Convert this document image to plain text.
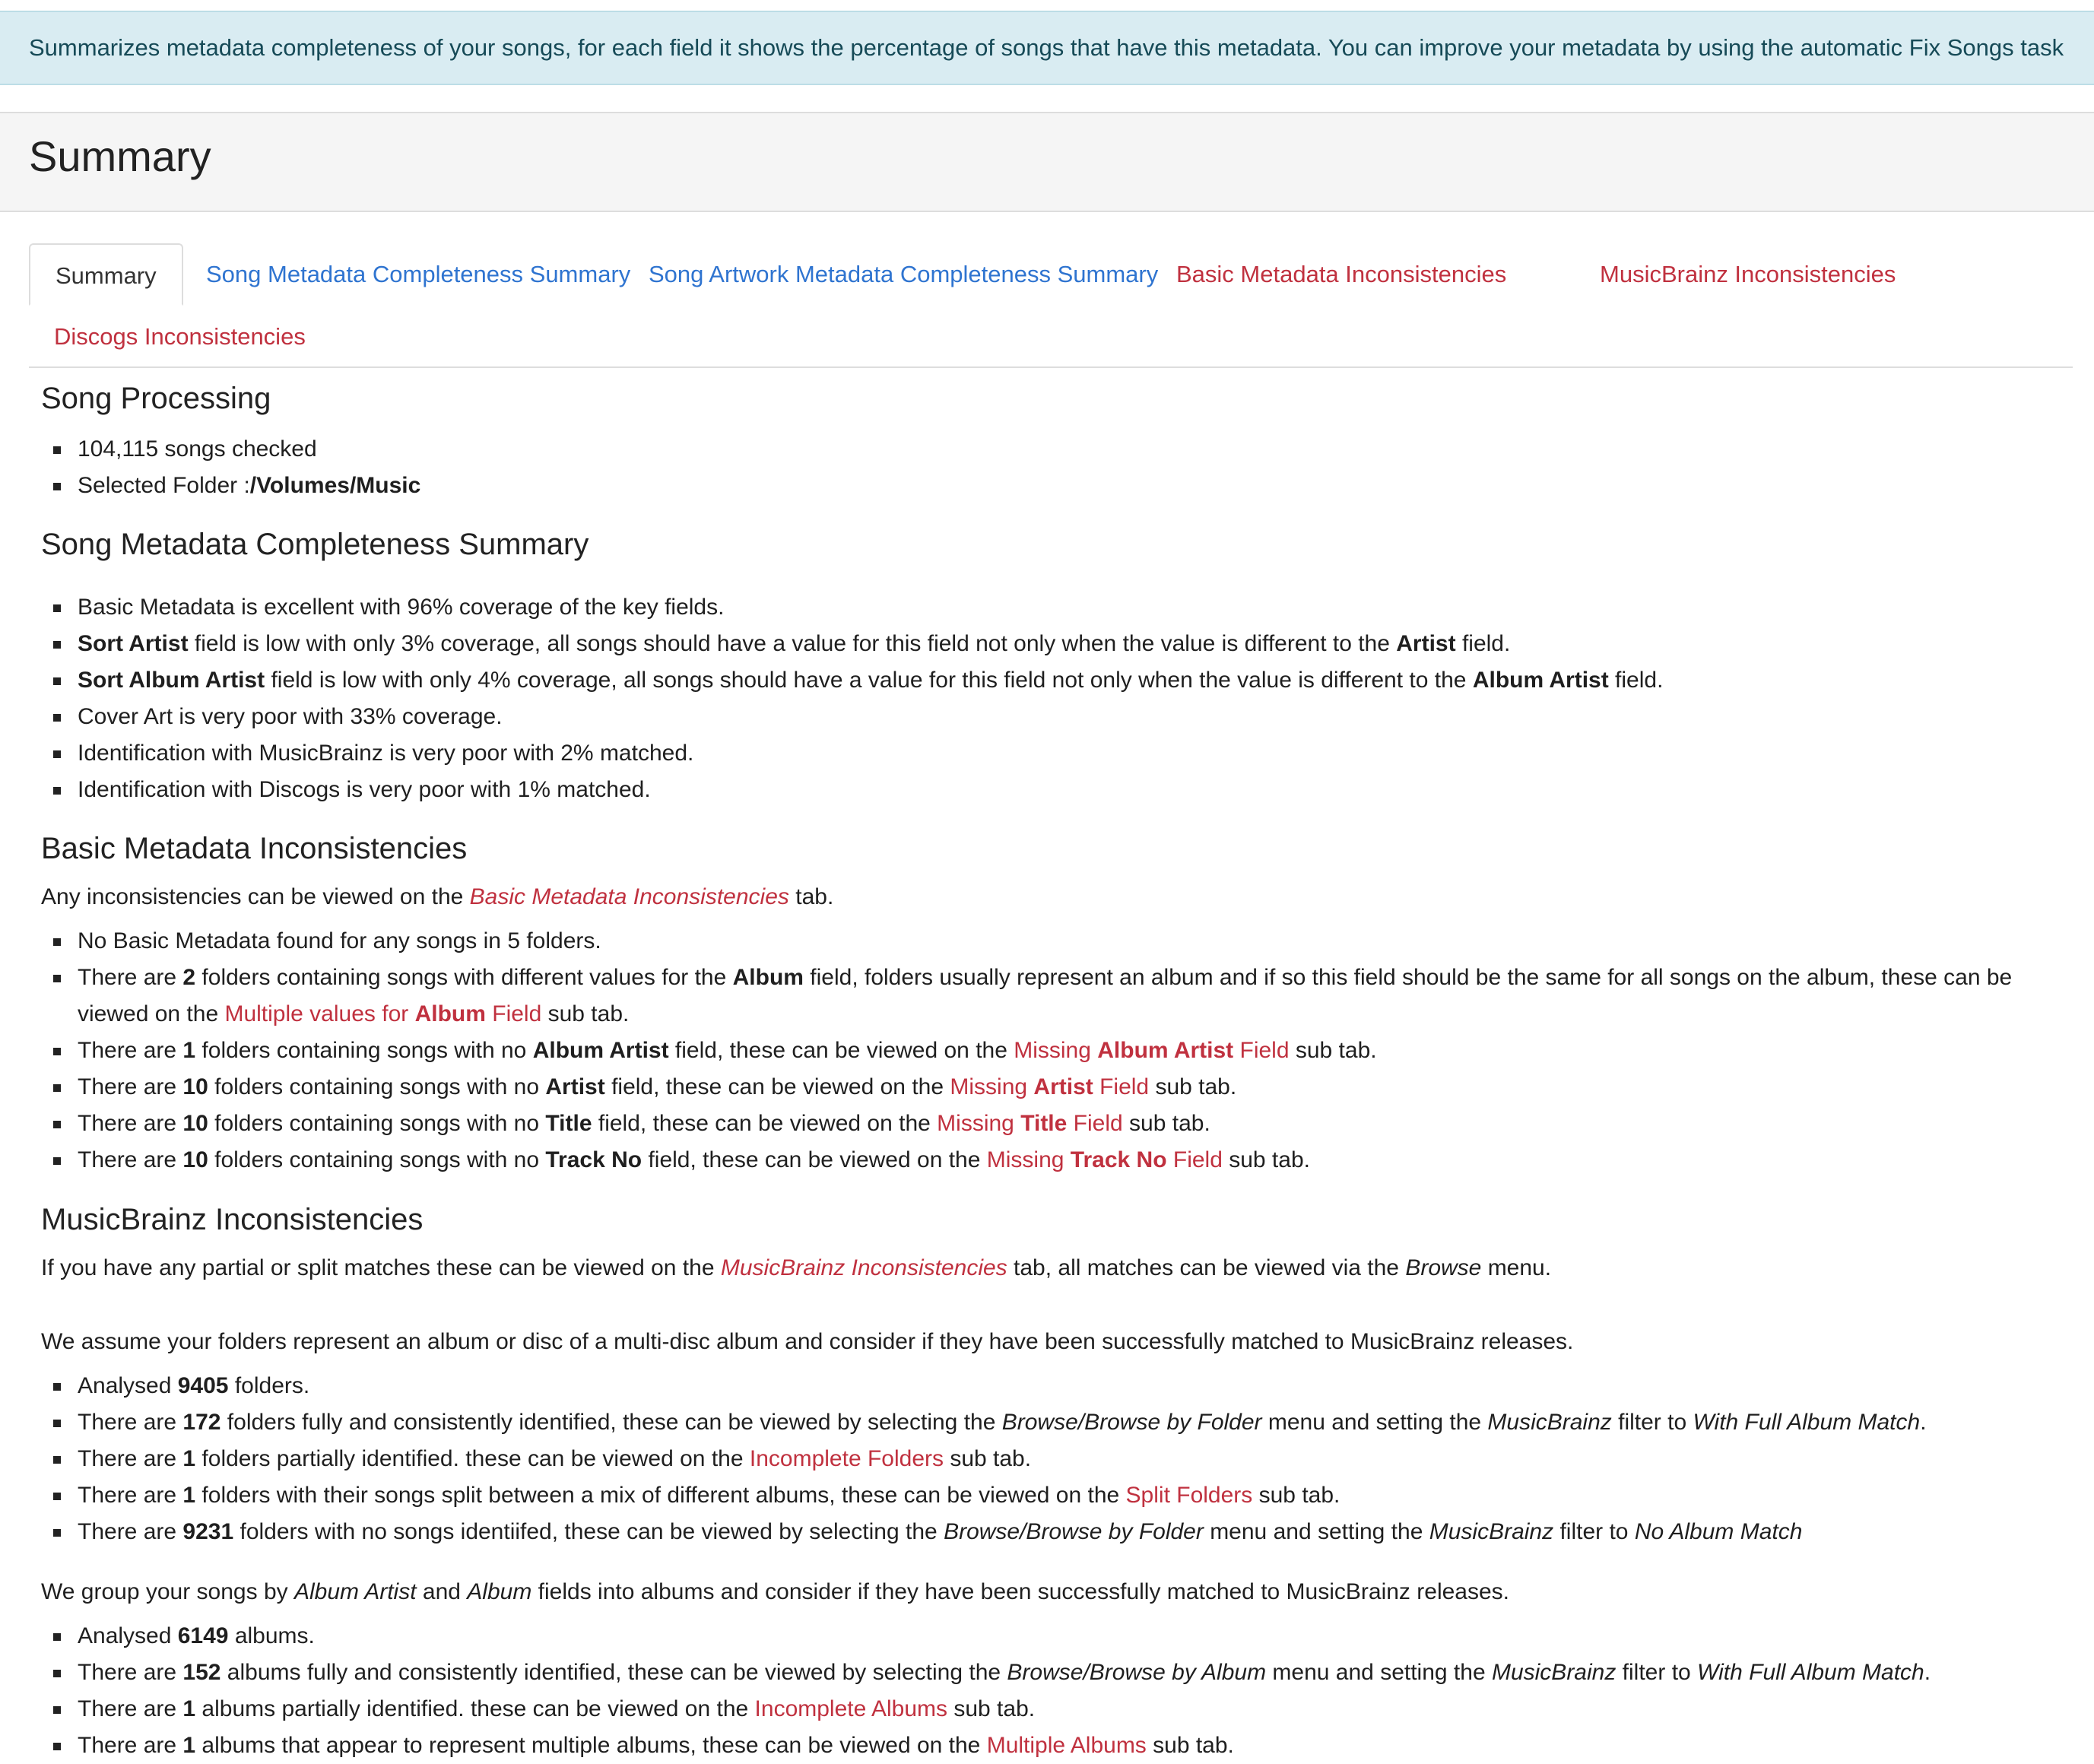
Summarizes metadata completeness of your songs, for each field it shows the percentage of songs that have this metadata. You can improve your metadata by using the automatic Fix Songs task
Summary
Summary	Song Metadata Completeness Summary Song Artwork Metadata Completeness Summary Basic Metadata Inconsistencies	MusicBrainz Inconsistencies
Discogs Inconsistencies
Song Processing
104,115 songs checked
Selected Folder :/Volumes/Music
Song Metadata Completeness Summary
Basic Metadata is excellent with 96% coverage of the key fields.
Sort Artist field is low with only 3% coverage, all songs should have a value for this field not only when the value is different to the Artist field.
Sort Album Artist field is low with only 4% coverage, all songs should have a value for this field not only when the value is different to the Album Artist field.
Cover Art is very poor with 33% coverage.
Identification with MusicBrainz is very poor with 2% matched.
Identification with Discogs is very poor with 1% matched.
Basic Metadata Inconsistencies

Any inconsistencies can be viewed on the Basic Metadata Inconsistencies tab.

No Basic Metadata found for any songs in 5 folders.
There are 2 folders containing songs with different values for the Album field, folders usually represent an album and if so this field should be the same for all songs on the album, these can be viewed on the Multiple values for Album Field sub tab.
There are 1 folders containing songs with no Album Artist field, these can be viewed on the Missing Album Artist Field sub tab.
There are 10 folders containing songs with no Artist field, these can be viewed on the Missing Artist Field sub tab.
There are 10 folders containing songs with no Title field, these can be viewed on the Missing Title Field sub tab.
There are 10 folders containing songs with no Track No field, these can be viewed on the Missing Track No Field sub tab.
MusicBrainz Inconsistencies

If you have any partial or split matches these can be viewed on the MusicBrainz Inconsistencies tab, all matches can be viewed via the Browse menu.

We assume your folders represent an album or disc of a multi-disc album and consider if they have been successfully matched to MusicBrainz releases.

Analysed 9405 folders.
There are 172 folders fully and consistently identified, these can be viewed by selecting the Browse/Browse by Folder menu and setting the MusicBrainz filter to With Full Album Match.
There are 1 folders partially identified. these can be viewed on the Incomplete Folders sub tab.
There are 1 folders with their songs split between a mix of different albums, these can be viewed on the Split Folders sub tab.
There are 9231 folders with no songs identiifed, these can be viewed by selecting the Browse/Browse by Folder menu and setting the MusicBrainz filter to No Album Match

We group your songs by Album Artist and Album fields into albums and consider if they have been successfully matched to MusicBrainz releases.

Analysed 6149 albums.
There are 152 albums fully and consistently identified, these can be viewed by selecting the Browse/Browse by Album menu and setting the MusicBrainz filter to With Full Album Match.
There are 1 albums partially identified. these can be viewed on the Incomplete Albums sub tab.
There are 1 albums that appear to represent multiple albums, these can be viewed on the Multiple Albums sub tab.
